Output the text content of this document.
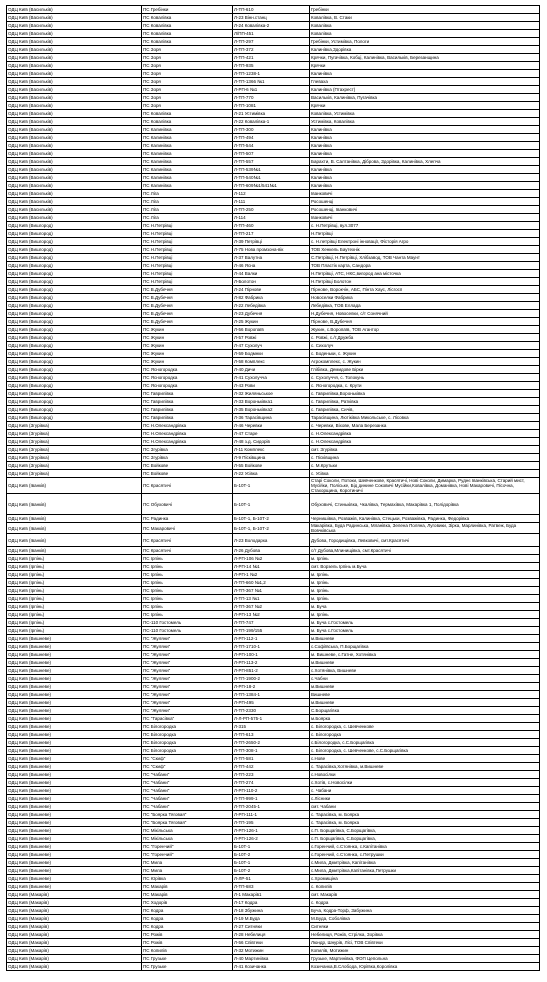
ОДЦ Київ (Васильків)	ПС Гребінки	Л-ТП-610	Гребінки
ОДЦ Київ (Васильків)	ПС Ковалівка	Л-23 Вінн.станц	Ковалівка, В. Стаки
ОДЦ Київ (Васильків)	ПС Ковалівка	Л-24 Ковалівка-2	Ковалівка
ОДЦ Київ (Васильків)	ПС Ковалівка	Л/ПП-451	Ковалівка
ОДЦ Київ (Васильків)	ПС Ковалівка	Л-ТП-297	Гребінки, Устимівка, Пологи
ОДЦ Київ (Васильків)	ПС Зоря	Л-ТП-372	Калинівка,Здорівка
ОДЦ Київ (Васильків)	ПС Зоря	Л-ТП-421	Крячки, Пугачівка, Кобці, Калинівка, Васильків, Березанщина
ОДЦ Київ (Васильків)	ПС Зоря	Л-ТП-935	Крячки
ОДЦ Київ (Васильків)	ПС Зоря	Л-ТП-1238-1	Калинівка
ОДЦ Київ (Васильків)	ПС Зоря	Л-ТП-1366 №1	Глевахa
ОДЦ Київ (Васильків)	ПС Зоря	Л-РП-6 №1	Калинівка (Птахрест)
ОДЦ Київ (Васильків)	ПС Зоря	Л-ТП-770	Васильків, Калинівка, Пугачівка
ОДЦ Київ (Васильків)	ПС Зоря	Л-ТП-1081	Крячки
ОДЦ Київ (Васильків)	ПС Ковалівка	Л-21 Устимівка	Ковалівка, Устимівка
ОДЦ Київ (Васильків)	ПС Ковалівка	Л-22 Ковалівка-1	Устимівка, Ковалівка
ОДЦ Київ (Васильків)	ПС Калинівка	Л-ТП-300	Калинівка
ОДЦ Київ (Васильків)	ПС Калинівка	Л-ТП-494	Калинівка
ОДЦ Київ (Васильків)	ПС Калинівка	Л-ТП-544	Калинівка
ОДЦ Київ (Васильків)	ПС Калинівка	Л-ТП-507	Калинівка
ОДЦ Київ (Васильків)	ПС Калинівка	Л-ТП-557	Барахти, В. Салтанівка, Діброва, Здорівка, Калинівка, Хлепча
ОДЦ Київ (Васильків)	ПС Калинівка	Л-ТП-539№1	Калинівка
ОДЦ Київ (Васильків)	ПС Калинівка	Л-ТП-540№1	Калинівка
ОДЦ Київ (Васильків)	ПС Калинівка	Л-ТП-609№1/541№1	Калинівка
ОДЦ Київ (Васильків)	ПС Ліга	Л-112	Іванковичі
ОДЦ Київ (Васильків)	ПС Ліга	Л-111	Росошенці
ОДЦ Київ (Васильків)	ПС Ліга	Л-ТП-250	Росошенці, Іванковичі
ОДЦ Київ (Васильків)	ПС Ліга	Л-114	Іванковичі
ОДЦ Київ (Вишгород)	ПС Н.Петрівці	Л-ТП-460	с. Н.Петрівці, вул.3077
ОДЦ Київ (Вишгород)	ПС Н.Петрівці	Л-ТП-217	Н.Петрівці
ОДЦ Київ (Вишгород)	ПС Н.Петрівці	Л-39 Петрівці	с. Н.петрівці Електроні інновації, Фісторія Агро
ОДЦ Київ (Вишгород)	ПС Н.Петрівці	Л-75 Нова промзона-вік	ТОВ Хенкель Баутехнік
ОДЦ Київ (Вишгород)	ПС Н.Петрівці	Л-37 Валутна	С.Петрівці, Н.Петрівці, Хлібзавод, ТОВ Чанта Маунт
ОДЦ Київ (Вишгород)	ПС Н.Петрівці	Л-46 Ясна	ТОВ Пластік карта, Сандора
ОДЦ Київ (Вишгород)	ПС Н.Петрівці	Л-44 Валки	Н.Петрівці, АТС, НКС,вигород ана місточка
ОДЦ Київ (Вишгород)	ПС Н.Петрівці	Л-Болотон	Н.Петрівці Болотон
ОДЦ Київ (Вишгород)	ПС В.Дубечня	Л-24 Пірнове	Пірнове, Ворокчін, АБС, Пінта Хаус, Лісгосп
ОДЦ Київ (Вишгород)	ПС В.Дубечня	Л-82 Фабрика	Новоселки Фабрика
ОДЦ Київ (Вишгород)	ПС В.Дубечня	Л-22 Лебедівка	Лебедівка, ТОВ Еллада
ОДЦ Київ (Вишгород)	ПС В.Дубечня	Л-23 Дубечня	Н.Дубечня, Новоселки, с/т Сонячний
ОДЦ Київ (Вишгород)	ПС В.Дубечня	Л-25 Жукин	Пірнове, В.Дубечня
ОДЦ Київ (Вишгород)	ПС Жукин	Л-56 Воропаїв	Жукин, с.Воропаїв, ТОВ Агантор
ОДЦ Київ (Вишгород)	ПС Жукин	Л-57 Ровжі	с. Ровжі, с./т.Дружба
ОДЦ Київ (Вишгород)	ПС Жукин	Л-47 Сухолуч	с. Сихолуч
ОДЦ Київ (Вишгород)	ПС Жукин	Л-59 Бодмнки	с. Боденьки, с. Жукин
ОДЦ Київ (Вишгород)	ПС Жукин	Л-58 Комплекс	Агрокомплекс, с. Жукин
ОДЦ Київ (Вишгород)	ПС Ясногородка	Л-40 Дичи	Глібівка, Демидове Бірки
ОДЦ Київ (Вишгород)	ПС Ясногородка	Л-41 Сухолучча	с. Сухолуччя, с. Толокунь
ОДЦ Київ (Вишгород)	ПС Ясногородка	Л-43 Рови	с. Ясногородка, с. Крути
ОДЦ Київ (Вишгород)	ПС Гаврилівка	Л-32 Жиляньськое	с. Гаврилівка,Вороньківка
ОДЦ Київ (Вишгород)	ПС Гаврилівка	Л-33 Вороньківка1	с. Гаврилівка, Ратківка
ОДЦ Київ (Вишгород)	ПС Гаврилівка	Л-35 Вороньківка2	с. Гаврилівка, Сичів,
ОДЦ Київ (Вишгород)	ПС Гаврилівка	Л-36 Тарасівщина	Тарасівщина, Лютіківка Микольське, с. Лісовка
ОДЦ Київ (Згурівка)	ПС Н.Олександрівка	Л-46 Черевки	с. Черевки, Віхове, Мала Березанка
ОДЦ Київ (Згурівка)	ПС Н.Олександрівка	Л-47 Старе	с. Н.Олександрівка
ОДЦ Київ (Згурівка)	ПС Н.Олександрівка	Л-48 з.д. Сидорів	с. Н.Олександрівка
ОДЦ Київ (Згурівка)	ПС Згурівка	Л-11 Комплекс	смт. Згурівка
ОДЦ Київ (Згурівка)	ПС Згурівка	Л-9 Пісківщина	с. Пісківщина
ОДЦ Київ (Згурівка)	ПС Войкове	Л-55 Войкове	с. М.Крутьки
ОДЦ Київ (Згурівка)	ПС Войкове	Л-22 Усівка	с. Усівка
ОДЦ Київ (Іванків)	ПС Красятичі	Б-10Т-1	Старі Соколи, Потоки, Шевченкове, Красятичі, Нові Соколи, Димарка, Руднє Іванківська, Старий мист, Мусійки, Поліське, Бід динине Соковичі Мусійки,Ковалівка, Доманівка, Нові Макаровичі, Пісочна, Стахорщина, Коротиничі
ОДЦ Київ (Іванків)	ПС Обуховичі	Б-10Т-1	Обуховичі, Стиньківка, Чкалівка, Термахівка, Макарівка 1, Полідорівка
ОДЦ Київ (Іванків)	ПС Радинка	Б-10Т-1, Б-10Т-2	Чернишівка, Розважів, Калинівка, Стецьки, Розважівка, Радинка, Федорівка
ОДЦ Київ (Іванків)	ПС Макаровичі	Б-10Т-1, Б-10Т-2	Макарівка, Буда Радинська, Мланівка, Зелена Поляна, Луговики, Зірка, Марлинівка, Ратвеж, Буда Вовчківська
ОДЦ Київ (Іванків)	ПС Красятичі	Л-23 Володарка	Дубова, Городищівка, Левковичі, смт.Красятичі
ОДЦ Київ (Іванків)	ПС Красятичі	Л-26 Дубова	с/т Дубова,Млинищівка, смт.Красятичі
ОДЦ Київ (Ірпінь)	ПС Ірпінь	Л-РП-106 №2	м. Ірпінь
ОДЦ Київ (Ірпінь)	ПС Ірпінь	Л-РП-14 №1	смт. Ворзель Ірпінь м.Буча
ОДЦ Київ (Ірпінь)	ПС Ірпінь	Л-РП-1 №2	м. Ірпінь
ОДЦ Київ (Ірпінь)	ПС Ірпінь	Л-ТП-660 №1,2	м. Ірпінь
ОДЦ Київ (Ірпінь)	ПС Ірпінь	Л-ТП-367 №1	м. Ірпінь
ОДЦ Київ (Ірпінь)	ПС Ірпінь	Л-ТП-13 №1	м. Ірпінь
ОДЦ Київ (Ірпінь)	ПС Ірпінь	Л-ТП-367 №2	м. Буча
ОДЦ Київ (Ірпінь)	ПС Ірпінь	Л-РП-13 №2	м. Ірпінь
ОДЦ Київ (Ірпінь)	ПС-110 Гостомель	Л-ТП-747	м. Буча с.Гостомель
ОДЦ Київ (Ірпінь)	ПС-110 Гостомель	Л-ТП-199/155	м. Буча с.Гостомель
ОДЦ Київ (Вишневе)	ПС "Жуляни"	Л-РП-112-1	м.Вишневе
ОДЦ Київ (Вишневе)	ПС "Жуляни"	Л-ТП-1710-1	с.Софіївська, П.Борщагівка
ОДЦ Київ (Вишневе)	ПС "Жуляни"	Л-РП-100-1	м. Вишневе, с.Гатне, Хотянівка
ОДЦ Київ (Вишневе)	ПС "Жуляни"	Л-РП-113-2	м.Вишневе
ОДЦ Київ (Вишневе)	ПС "Жуляни"	Л-РП-851-2	с.Хотянівка, Вишневе
ОДЦ Київ (Вишневе)	ПС "Жуляни"	Л-ТП-1900-2	с.Чабни
ОДЦ Київ (Вишневе)	ПС "Жуляни"	Л-РП-18-2	м.Вишневе
ОДЦ Київ (Вишневе)	ПС "Жуляни"	Л-ТП-1384-1	Вишневе
ОДЦ Київ (Вишневе)	ПС "Жуляни"	Л-РП-495	м.Вишневе
ОДЦ Київ (Вишневе)	ПС "Жуляни"	Л-ТП-2330	С.Борщагівка
ОДЦ Київ (Вишневе)	ПС "Тарасівка"	Л-Л-РП-575-1	м.Боярка
ОДЦ Київ (Вишневе)	ПС Білогородка	Л-315	с. Білогородка, с. Шевченкове
ОДЦ Київ (Вишневе)	ПС Білогородка	Л-ТП-613	с. Білогородка
ОДЦ Київ (Вишневе)	ПС Білогородка	Л-ТП-2650-2	с.Білогородка, с.С.Борщагівка
ОДЦ Київ (Вишневе)	ПС Білогородка	Л-ТП-308-1	с. Білогородка, с. Шевченкове, с.С.Борщагівка
ОДЦ Київ (Вишневе)	ПС "Скиф"	Л-ТП-581	с.Нове
ОДЦ Київ (Вишневе)	ПС "Скиф"	Л-ТП-442	с. Тарасівка,Хотянівка, м.Вишневе
ОДЦ Київ (Вишневе)	ПС "Чабани"	Л-ТП-223	с.Новосілки
ОДЦ Київ (Вишневе)	ПС "Чабани"	Л-ТП-274	с.Хотів, с.Новосілки
ОДЦ Київ (Вишневе)	ПС "Чабани"	Л-РП-110-2	с. Чабани
ОДЦ Київ (Вишневе)	ПС "Чабани"	Л-ТП-999-1	с.Лісники
ОДЦ Київ (Вишневе)	ПС "Чабани"	Л-ТП-2045-1	смт. Чабани
ОДЦ Київ (Вишневе)	ПС "Боярка Тяговая"	Л-РП-111-1	с. Тарасівка, м. Боярка
ОДЦ Київ (Вишневе)	ПС "Боярка Тяговая"	Л-ТП-195	с. Тарасівка, м. Боярка
ОДЦ Київ (Вишневе)	ПС Мікільська	Л-РП-126-1	с.П. Борщагівка, С.Борщагівка,
ОДЦ Київ (Вишневе)	ПС Мікільська	Л-РП-126-2	с.П. Борщагівка, С.Борщагівка,
ОДЦ Київ (Вишневе)	ПС "Горенчий"	Б-10Т-1	с.Горенчий, с.Стоянка, с.Капітанівка
ОДЦ Київ (Вишневе)	ПС "Горенчий"	Б-10Т-2	с.Горенчий, с.Стоянка, с.Петрушки
ОДЦ Київ (Вишневе)	ПС Мила	Б-10Т-1	с.Мила, Дмитрівка, Капітанівка
ОДЦ Київ (Вишневе)	ПС Мила	Б-10Т-2	с.Мила, Дмитрівка,Капітанівка,Петрушки
ОДЦ Київ (Вишневе)	ПС Юрівка	Л-ЛР-51	с.Хромищіна
ОДЦ Київ (Вишневе)	ПС Макарів	Л-ТП-683	с. Копилів
ОДЦ Київ (Макарів)	ПС Макарів	Л-1 Макарів1	смт. Макарів
ОДЦ Київ (Макарів)	ПС Ходорів	Л-17 Кодра	с. Кодра
ОДЦ Київ (Макарів)	ПС Кодра	Л-18 Збужина	Буча, Кодра-Торф, Забужина
ОДЦ Київ (Макарів)	ПС Кодра	Л-19 М.Буда	М.Буда, Соболівка
ОДЦ Київ (Макарів)	ПС Кодра	Л-27 Ситняки	Ситняки
ОДЦ Київ (Макарів)	ПС Рожів	Л-28 Небелиця	Небелиця, Рожів, Стрілка, Зорівка
ОДЦ Київ (Макарів)	ПС Рожів	Л-56 Співтеки	Люндр, Шнурів, Лісі, ТОВ Співтеки
ОДЦ Київ (Макарів)	ПС Копилів	Л-32 Мотижин	Копилів, Мотижин
ОДЦ Київ (Макарів)	ПС Грузьке	Л-40 Мартинівка	Грузьке, Мартинівка, ФОП Цепольна
ОДЦ Київ (Макарів)	ПС Грузьке	Л-41 Козичанка	Козичанка,В.Слобода, Юріївка,Королівка
